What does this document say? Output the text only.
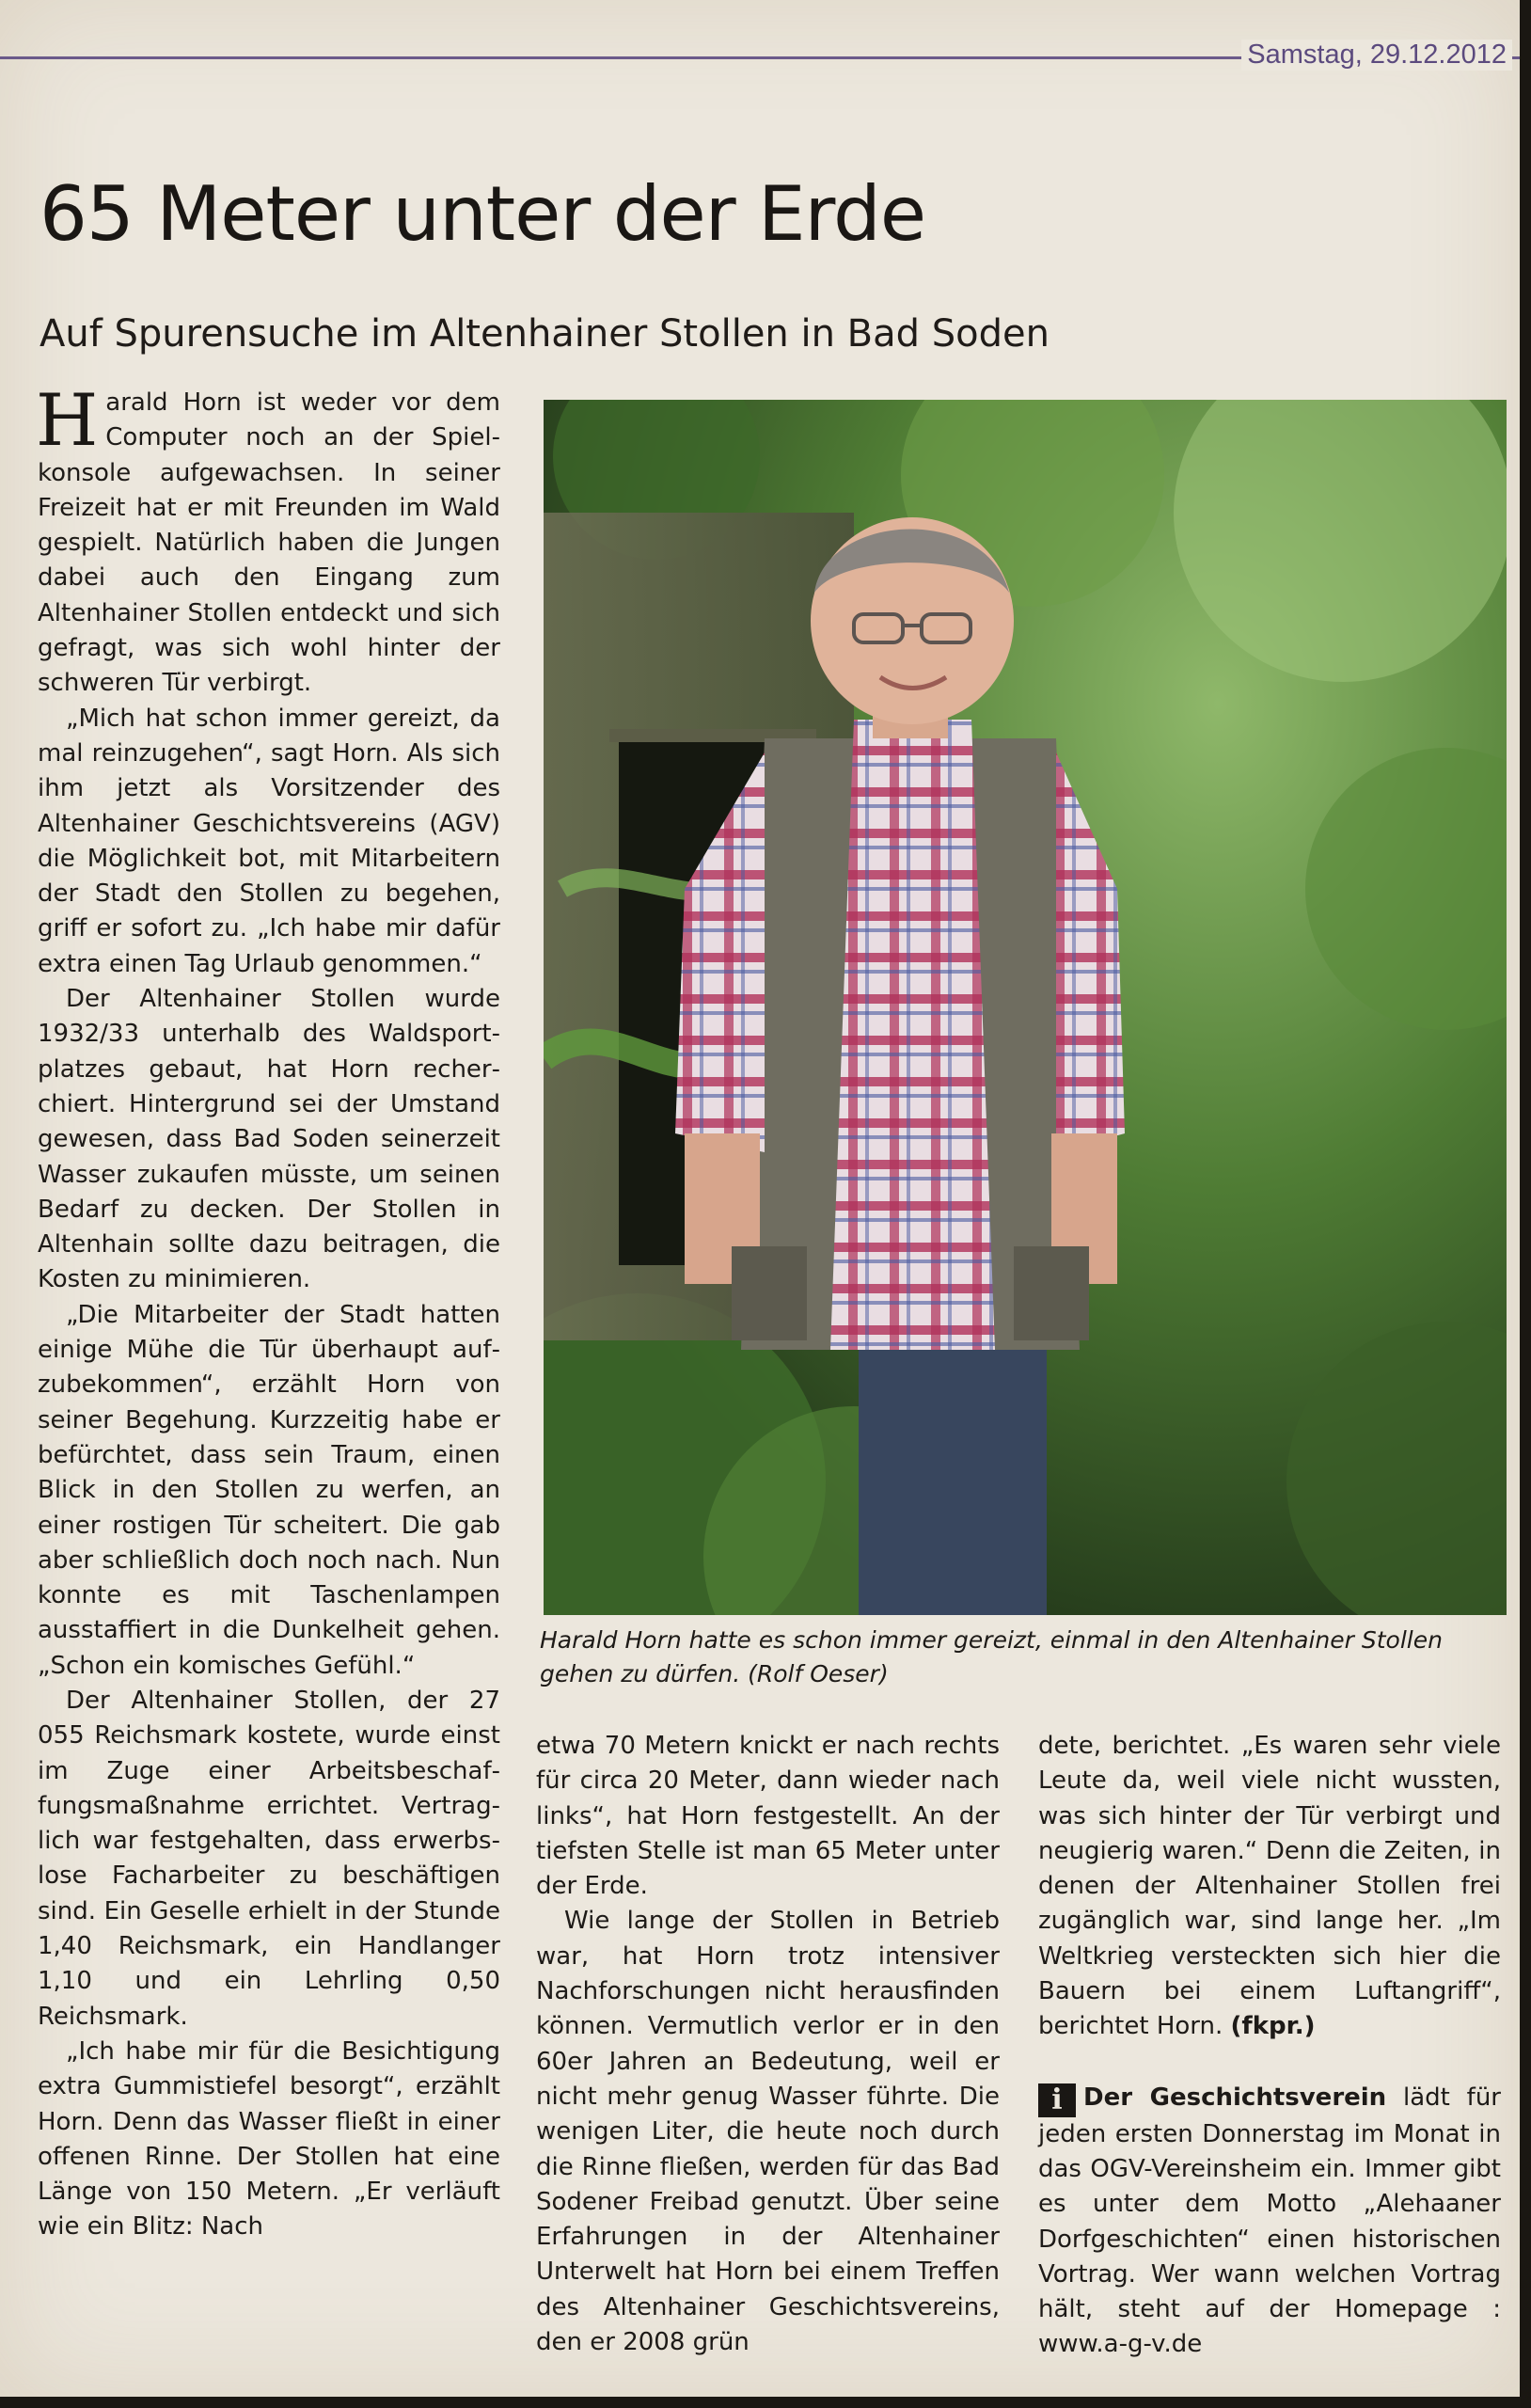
Samstag, 29.12.2012
65 Meter unter der Erde
Auf Spurensuche im Altenhainer Stollen in Bad Soden

Harald Horn ist weder vor dem Computer noch an der Spielkonsole aufgewachsen. In seiner Freizeit hat er mit Freunden im Wald gespielt. Natürlich haben die Jungen dabei auch den Eingang zum Altenhainer Stollen entdeckt und sich gefragt, was sich wohl hinter der schweren Tür verbirgt.

„Mich hat schon immer gereizt, da mal reinzugehen“, sagt Horn. Als sich ihm jetzt als Vorsitzender des Altenhainer Geschichtsvereins (AGV) die Möglichkeit bot, mit Mitarbeitern der Stadt den Stollen zu begehen, griff er sofort zu. „Ich habe mir dafür extra einen Tag Urlaub genommen.“

Der Altenhainer Stollen wurde 1932/33 unterhalb des Waldsportplatzes gebaut, hat Horn recherchiert. Hintergrund sei der Umstand gewesen, dass Bad Soden seinerzeit Wasser zukaufen müsste, um seinen Bedarf zu decken. Der Stollen in Altenhain sollte dazu beitragen, die Kosten zu minimieren.

„Die Mitarbeiter der Stadt hatten einige Mühe die Tür überhaupt aufzubekommen“, erzählt Horn von seiner Begehung. Kurzzeitig habe er befürchtet, dass sein Traum, einen Blick in den Stollen zu werfen, an einer rostigen Tür scheitert. Die gab aber schließlich doch noch nach. Nun konnte es mit Taschenlampen ausstaffiert in die Dunkelheit gehen. „Schon ein komisches Gefühl.“

Der Altenhainer Stollen, der 27 055 Reichsmark kostete, wurde einst im Zuge einer Arbeitsbeschaffungsmaßnahme errichtet. Vertraglich war festgehalten, dass erwerbslose Facharbeiter zu beschäftigen sind. Ein Geselle erhielt in der Stunde 1,40 Reichsmark, ein Handlanger 1,10 und ein Lehrling 0,50 Reichsmark.

„Ich habe mir für die Besichtigung extra Gummistiefel besorgt“, erzählt Horn. Denn das Wasser fließt in einer offenen Rinne. Der Stollen hat eine Länge von 150 Metern. „Er verläuft wie ein Blitz: Nach

Harald Horn hatte es schon immer gereizt, einmal in den Altenhainer Stollen gehen zu dürfen. (Rolf Oeser)

etwa 70 Metern knickt er nach rechts für circa 20 Meter, dann wieder nach links“, hat Horn festgestellt. An der tiefsten Stelle ist man 65 Meter unter der Erde.

Wie lange der Stollen in Betrieb war, hat Horn trotz intensiver Nachforschungen nicht herausfinden können. Vermutlich verlor er in den 60er Jahren an Bedeutung, weil er nicht mehr genug Wasser führte. Die wenigen Liter, die heute noch durch die Rinne fließen, werden für das Bad Sodener Freibad genutzt. Über seine Erfahrungen in der Altenhainer Unterwelt hat Horn bei einem Treffen des Altenhainer Geschichtsvereins, den er 2008 grün

dete, berichtet. „Es waren sehr viele Leute da, weil viele nicht wussten, was sich hinter der Tür verbirgt und neugierig waren.“ Denn die Zeiten, in denen der Altenhainer Stollen frei zugänglich war, sind lange her. „Im Weltkrieg versteckten sich hier die Bauern bei einem Luftangriff“, berichtet Horn. (fkpr.)

i Der Geschichtsverein lädt für jeden ersten Donnerstag im Monat in das OGV-Vereinsheim ein. Immer gibt es unter dem Motto „Alehaaner Dorfgeschichten“ einen historischen Vortrag. Wer wann welchen Vortrag hält, steht auf der Homepage : www.a-g-v.de
